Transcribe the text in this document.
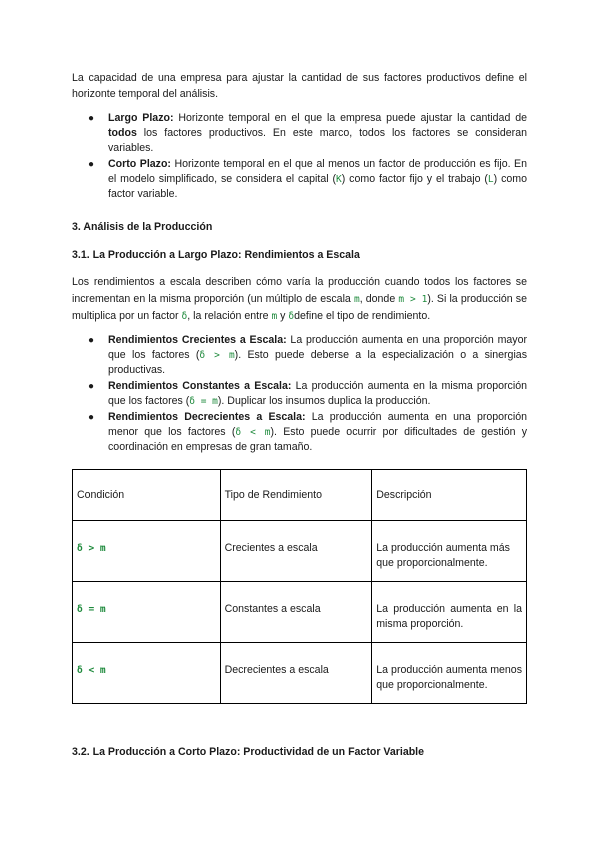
La capacidad de una empresa para ajustar la cantidad de sus factores productivos define el horizonte temporal del análisis.

● Largo Plazo: Horizonte temporal en el que la empresa puede ajustar la cantidad de todos los factores productivos. En este marco, todos los factores se consideran variables.
● Corto Plazo: Horizonte temporal en el que al menos un factor de producción es fijo. En el modelo simplificado, se considera el capital (K) como factor fijo y el trabajo (L) como factor variable.
3. Análisis de la Producción
3.1. La Producción a Largo Plazo: Rendimientos a Escala

Los rendimientos a escala describen cómo varía la producción cuando todos los factores se incrementan en la misma proporción (un múltiplo de escala m, donde m > 1). Si la producción se multiplica por un factor δ, la relación entre m y δdefine el tipo de rendimiento.

● Rendimientos Crecientes a Escala: La producción aumenta en una proporción mayor que los factores (δ > m). Esto puede deberse a la especialización o a sinergias productivas.
● Rendimientos Constantes a Escala: La producción aumenta en la misma proporción que los factores (δ = m). Duplicar los insumos duplica la producción.
● Rendimientos Decrecientes a Escala: La producción aumenta en una proporción menor que los factores (δ < m). Esto puede ocurrir por dificultades de gestión y coordinación en empresas de gran tamaño.
Condición	Tipo de Rendimiento	Descripción

δ > m	Crecientes a escala	La producción aumenta más que proporcionalmente.

δ = m	Constantes a escala	La producción aumenta en la misma proporción.

δ < m	Decrecientes a escala	La producción aumenta menos que proporcionalmente.
3.2. La Producción a Corto Plazo: Productividad de un Factor Variable
